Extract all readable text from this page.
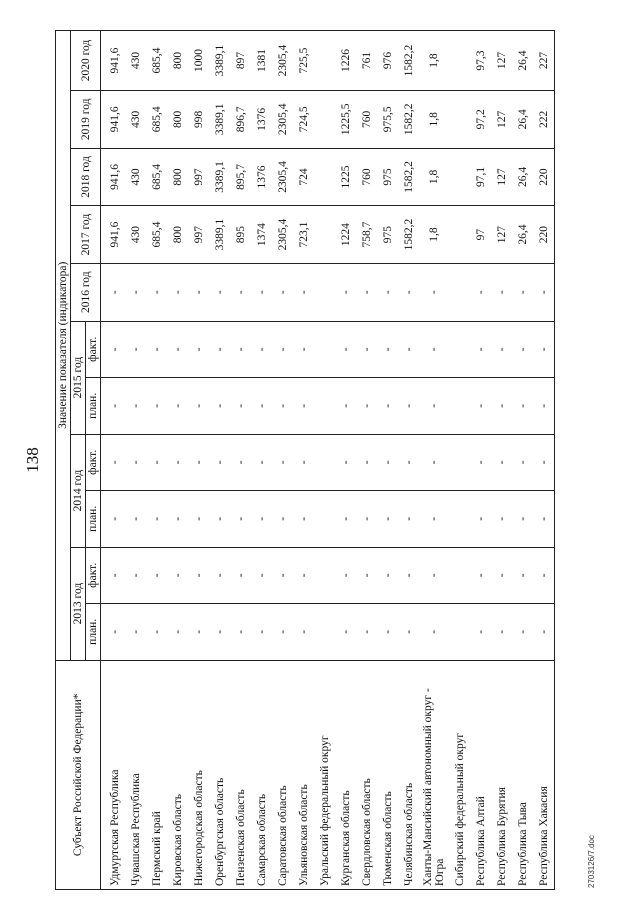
138
Субъект Российской Федерации*	Значение показателя (индикатора)										
	2013 год		2014 год		2015 год		2016 год	2017 год	2018 год	2019 год	2020 год
	план.	факт.	план.	факт.	план.	факт.					
Удмуртская Республика	-	-	-	-	-	-	-	941,6	941,6	941,6	941,6
Чувашская Республика	-	-	-	-	-	-	-	430	430	430	430
Пермский край	-	-	-	-	-	-	-	685,4	685,4	685,4	685,4
Кировская область	-	-	-	-	-	-	-	800	800	800	800
Нижегородская область	-	-	-	-	-	-	-	997	997	998	1000
Оренбургская область	-	-	-	-	-	-	-	3389,1	3389,1	3389,1	3389,1
Пензенская область	-	-	-	-	-	-	-	895	895,7	896,7	897
Самарская область	-	-	-	-	-	-	-	1374	1376	1376	1381
Саратовская область	-	-	-	-	-	-	-	2305,4	2305,4	2305,4	2305,4
Ульяновская область	-	-	-	-	-	-	-	723,1	724	724,5	725,5
Уральский федеральный округ											
Курганская область	-	-	-	-	-	-	-	1224	1225	1225,5	1226
Свердловская область	-	-	-	-	-	-	-	758,7	760	760	761
Тюменская область	-	-	-	-	-	-	-	975	975	975,5	976
Челябинская область	-	-	-	-	-	-	-	1582,2	1582,2	1582,2	1582,2
Ханты-Мансийский автономный округ - Югра	-	-	-	-	-	-	-	1,8	1,8	1,8	1,8
Сибирский федеральный округ											
Республика Алтай	-	-	-	-	-	-	-	97	97,1	97,2	97,3
Республика Бурятия	-	-	-	-	-	-	-	127	127	127	127
Республика Тыва	-	-	-	-	-	-	-	26,4	26,4	26,4	26,4
Республика Хакасия	-	-	-	-	-	-	-	220	220	222	227
2703126/7.doc
